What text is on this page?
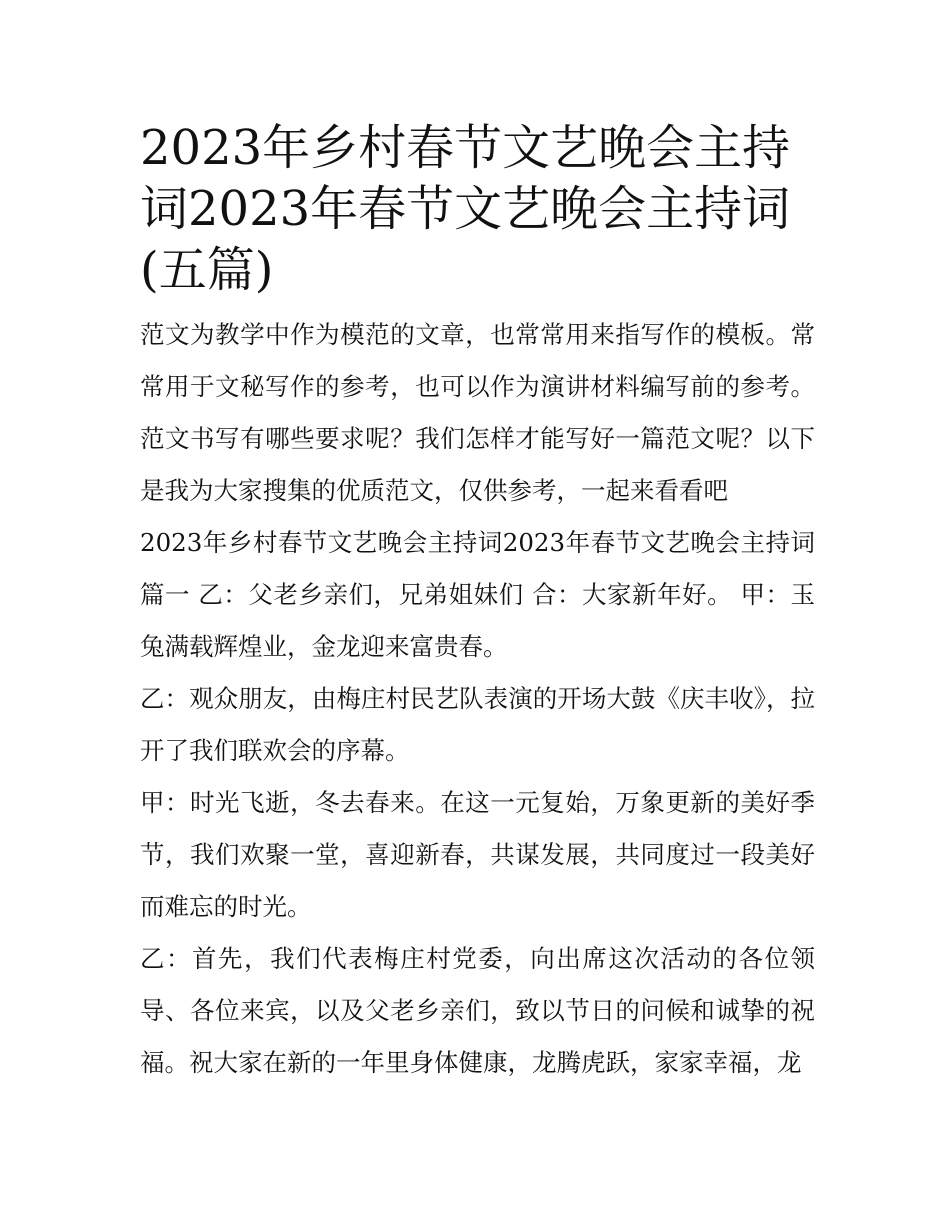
2023年乡村春节文艺晚会主持词2023年春节文艺晚会主持词(五篇)

范文为教学中作为模范的文章，也常常用来指写作的模板。常常用于文秘写作的参考，也可以作为演讲材料编写前的参考。范文书写有哪些要求呢？我们怎样才能写好一篇范文呢？以下是我为大家搜集的优质范文，仅供参考，一起来看看吧

2023年乡村春节文艺晚会主持词2023年春节文艺晚会主持词篇一 乙：父老乡亲们，兄弟姐妹们 合：大家新年好。 甲：玉兔满载辉煌业，金龙迎来富贵春。

乙：观众朋友，由梅庄村民艺队表演的开场大鼓《庆丰收》，拉开了我们联欢会的序幕。

甲：时光飞逝，冬去春来。在这一元复始，万象更新的美好季节，我们欢聚一堂，喜迎新春，共谋发展，共同度过一段美好而难忘的时光。

乙：首先，我们代表梅庄村党委，向出席这次活动的各位领导、各位来宾，以及父老乡亲们，致以节日的问候和诚挚的祝福。祝大家在新的一年里身体健康，龙腾虎跃，家家幸福，龙
